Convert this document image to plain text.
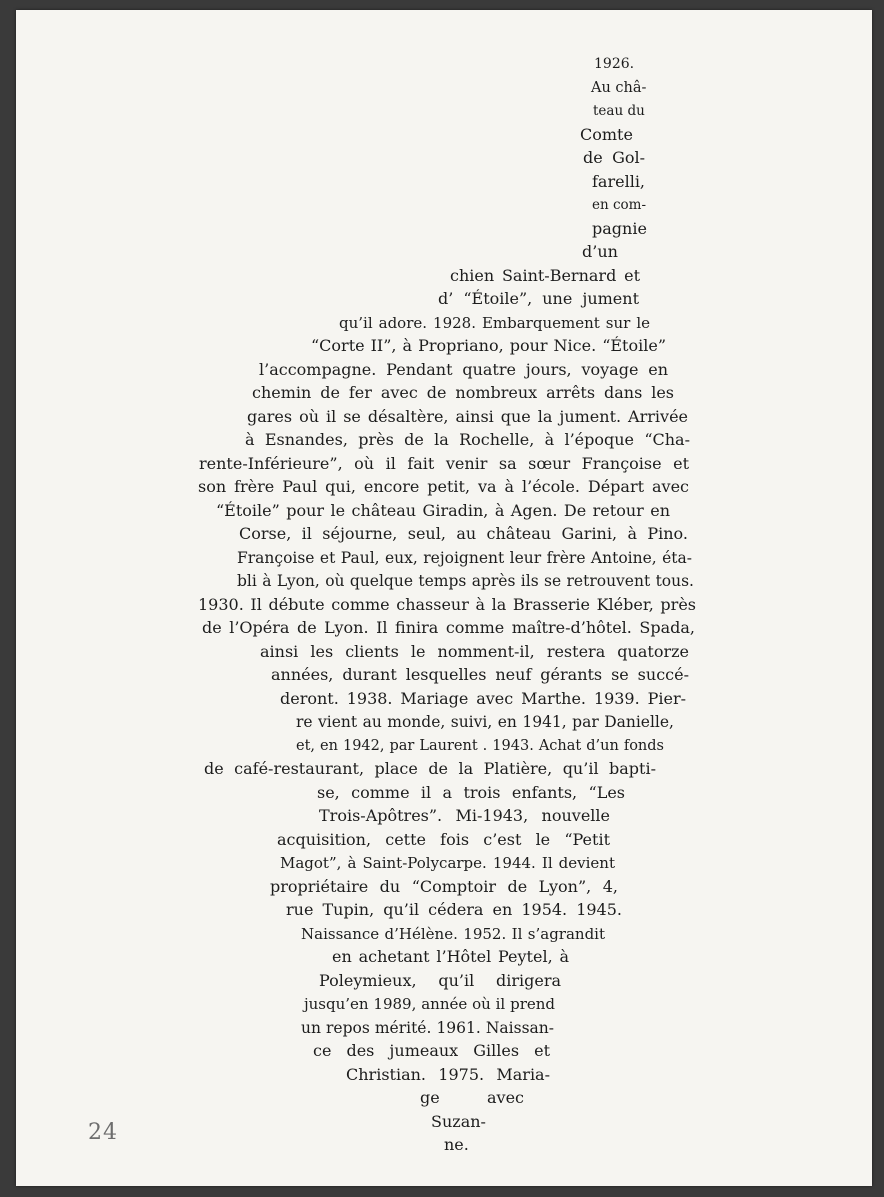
1926.
Au châ-
teau du
Comte
de Gol-
farelli,
en com-
pagnie
d’un
chien Saint-Bernard et
d’ “Étoile”, une jument
qu’il adore. 1928. Embarquement sur le
“Corte II”, à Propriano, pour Nice. “Étoile”
l’accompagne. Pendant quatre jours, voyage en
chemin de fer avec de nombreux arrêts dans les
gares où il se désaltère, ainsi que la jument. Arrivée
à Esnandes, près de la Rochelle, à l’époque “Cha-
rente-Inférieure”, où il fait venir sa sœur Françoise et
son frère Paul qui, encore petit, va à l’école. Départ avec
“Étoile” pour le château Giradin, à Agen. De retour en
Corse, il séjourne, seul, au château Garini, à Pino.
Françoise et Paul, eux, rejoignent leur frère Antoine, éta-
bli à Lyon, où quelque temps après ils se retrouvent tous.
1930. Il débute comme chasseur à la Brasserie Kléber, près
de l’Opéra de Lyon. Il finira comme maître-d’hôtel. Spada,
ainsi les clients le nomment-il, restera quatorze
années, durant lesquelles neuf gérants se succé-
deront. 1938. Mariage avec Marthe. 1939. Pier-
re vient au monde, suivi, en 1941, par Danielle,
et, en 1942, par Laurent . 1943. Achat d’un fonds
de café-restaurant, place de la Platière, qu’il bapti-
se, comme il a trois enfants, “Les
Trois-Apôtres”. Mi-1943, nouvelle
acquisition, cette fois c’est le “Petit
Magot”, à Saint-Polycarpe. 1944. Il devient
propriétaire du “Comptoir de Lyon”, 4,
rue Tupin, qu’il cédera en 1954. 1945.
Naissance d’Hélène. 1952. Il s’agrandit
en achetant l’Hôtel Peytel, à
Poleymieux, qu’il dirigera
jusqu’en 1989, année où il prend
un repos mérité. 1961. Naissan-
ce des jumeaux Gilles et
Christian. 1975. Maria-
ge avec
Suzan-
ne.
24
